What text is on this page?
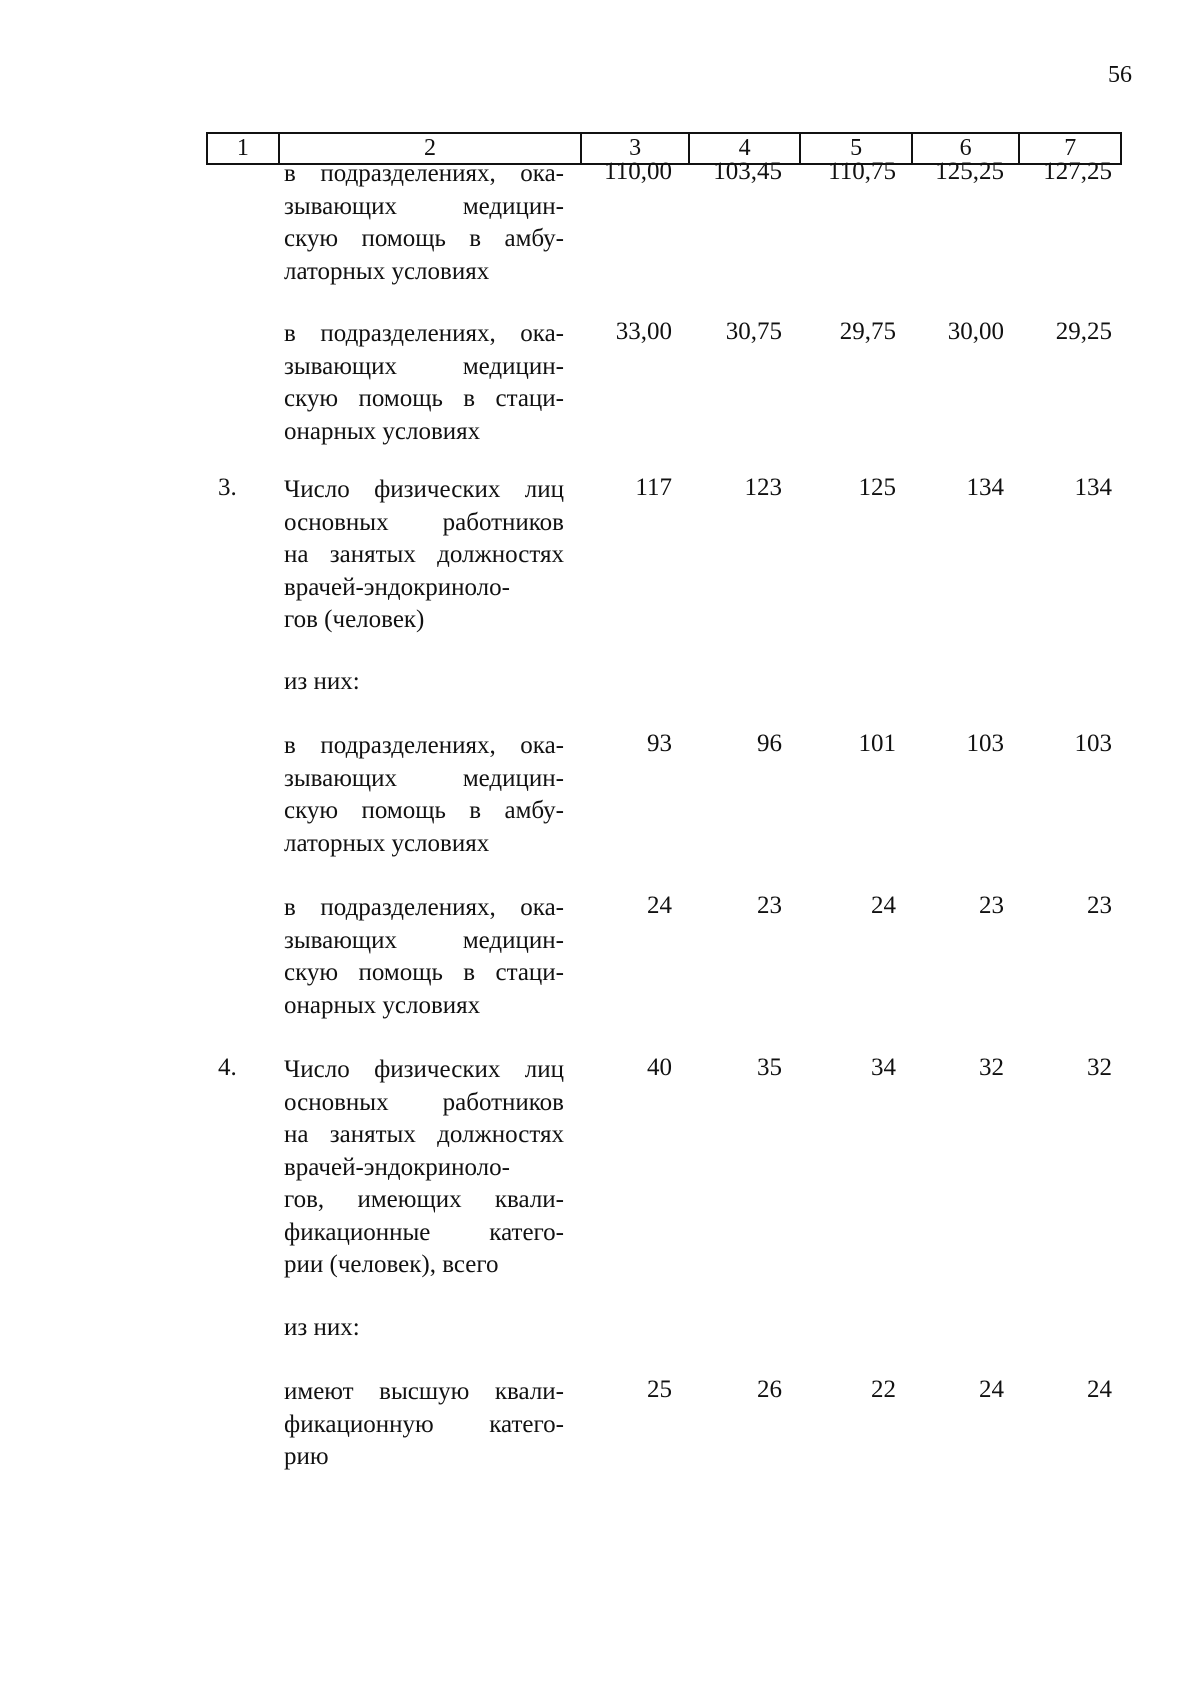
56
1	2	3	4	5	6	7
в подразделениях, ока-
зывающих медицин-
скую помощь в амбу-
латорных условиях
110,00 103,45 110,75 125,25 127,25
в подразделениях, ока-
зывающих медицин-
скую помощь в стаци-
онарных условиях
33,00 30,75 29,75 30,00 29,25
3. Число физических лиц
основных работников
на занятых должностях
врачей-эндокриноло-
гов (человек)
117	123	125	134	134
из них:
в подразделениях, ока-
зывающих медицин-
скую помощь в амбу-
латорных условиях
93	96	101	103	103
в подразделениях, ока-
зывающих медицин-
скую помощь в стаци-
онарных условиях
24	23	24	23	23
4. Число физических лиц
основных работников
на занятых должностях
врачей-эндокриноло-
гов, имеющих квали-
фикационные катего-
рии (человек), всего
40	35	34	32	32
из них:
имеют высшую квали-
фикационную катего-
рию
25	26	22	24	24
